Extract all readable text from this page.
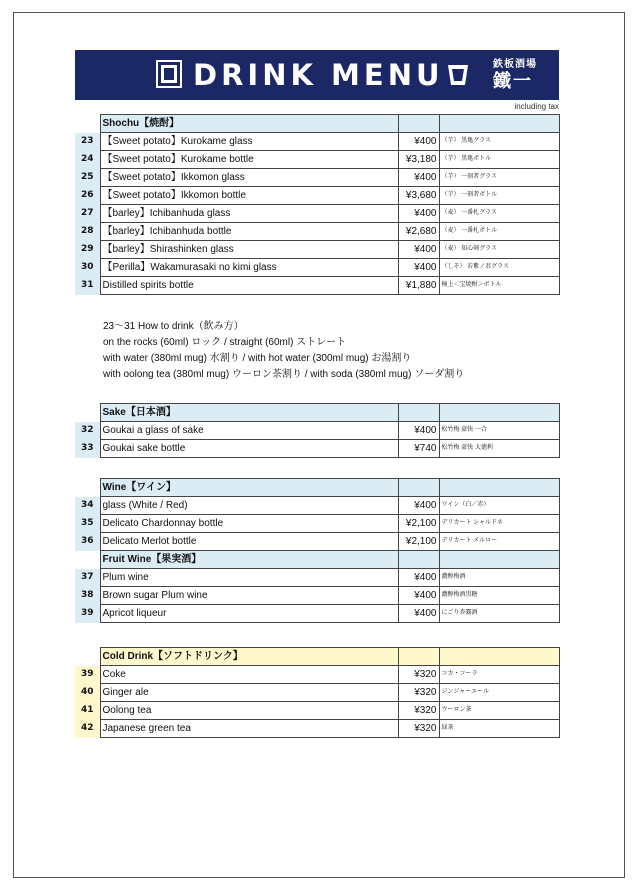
DRINK MENU	鉄板酒場
鐵一
including tax
	Shochu【焼酎】		
23	【Sweet potato】Kurokame glass	¥400	（芋） 黒亀グラス
24	【Sweet potato】Kurokame bottle	¥3,180	（芋） 黒亀ボトル
25	【Sweet potato】Ikkomon glass	¥400	（芋） 一刻者グラス
26	【Sweet potato】Ikkomon bottle	¥3,680	（芋） 一刻者ボトル
27	【barley】Ichibanhuda glass	¥400	（麦） 一番札グラス
28	【barley】Ichibanhuda bottle	¥2,680	（麦） 一番札ボトル
29	【barley】Shirashinken glass	¥400	（麦） 知心剣グラス
30	【Perilla】Wakamurasaki no kimi glass	¥400	（しそ） 若紫ノ君グラス
31	Distilled spirits bottle	¥1,880	極上＜宝焼酎＞ボトル
23〜31 How to drink（飲み方）
on the rocks (60ml) ロック / straight (60ml) ストレート
with water (380ml mug) 水割り / with hot water (300ml mug) お湯割り
with oolong tea (380ml mug) ウーロン茶割り / with soda (380ml mug) ソーダ割り
	Sake【日本酒】		
32	Goukai a glass of sake	¥400	松竹梅 豪快 一合
33	Goukai sake bottle	¥740	松竹梅 豪快 大徳利
	Wine【ワイン】		
34	glass (White / Red)	¥400	ワイン（白／赤）
35	Delicato Chardonnay bottle	¥2,100	デリカート シャルドネ
36	Delicato Merlot bottle	¥2,100	デリカート メルロー
	Fruit Wine【果実酒】		
37	Plum wine	¥400	濃醇梅酒
38	Brown sugar Plum wine	¥400	濃醇梅酒黒糖
39	Apricot liqueur	¥400	にごり杏露酒
	Cold Drink【ソフトドリンク】		
39	Coke	¥320	コカ・コーラ
40	Ginger ale	¥320	ジンジャーエール
41	Oolong tea	¥320	ウーロン茶
42	Japanese green tea	¥320	緑茶
